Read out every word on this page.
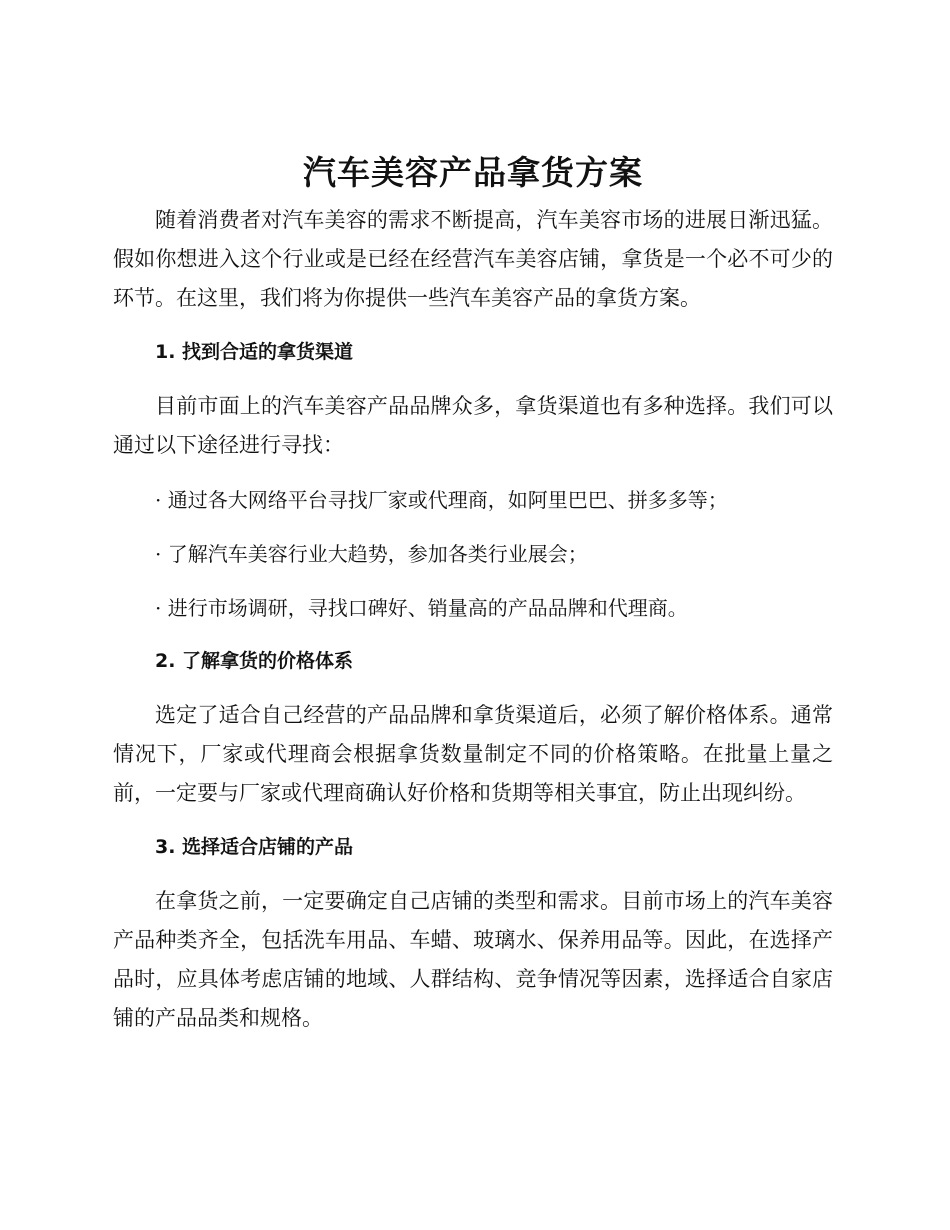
汽车美容产品拿货方案

随着消费者对汽车美容的需求不断提高，汽车美容市场的进展日渐迅猛。假如你想进入这个行业或是已经在经营汽车美容店铺，拿货是一个必不可少的环节。在这里，我们将为你提供一些汽车美容产品的拿货方案。

1. 找到合适的拿货渠道

目前市面上的汽车美容产品品牌众多，拿货渠道也有多种选择。我们可以通过以下途径进行寻找：

· 通过各大网络平台寻找厂家或代理商，如阿里巴巴、拼多多等；

· 了解汽车美容行业大趋势，参加各类行业展会；

· 进行市场调研，寻找口碑好、销量高的产品品牌和代理商。

2. 了解拿货的价格体系

选定了适合自己经营的产品品牌和拿货渠道后，必须了解价格体系。通常情况下，厂家或代理商会根据拿货数量制定不同的价格策略。在批量上量之前，一定要与厂家或代理商确认好价格和货期等相关事宜，防止出现纠纷。

3. 选择适合店铺的产品

在拿货之前，一定要确定自己店铺的类型和需求。目前市场上的汽车美容产品种类齐全，包括洗车用品、车蜡、玻璃水、保养用品等。因此，在选择产品时，应具体考虑店铺的地域、人群结构、竞争情况等因素，选择适合自家店铺的产品品类和规格。
